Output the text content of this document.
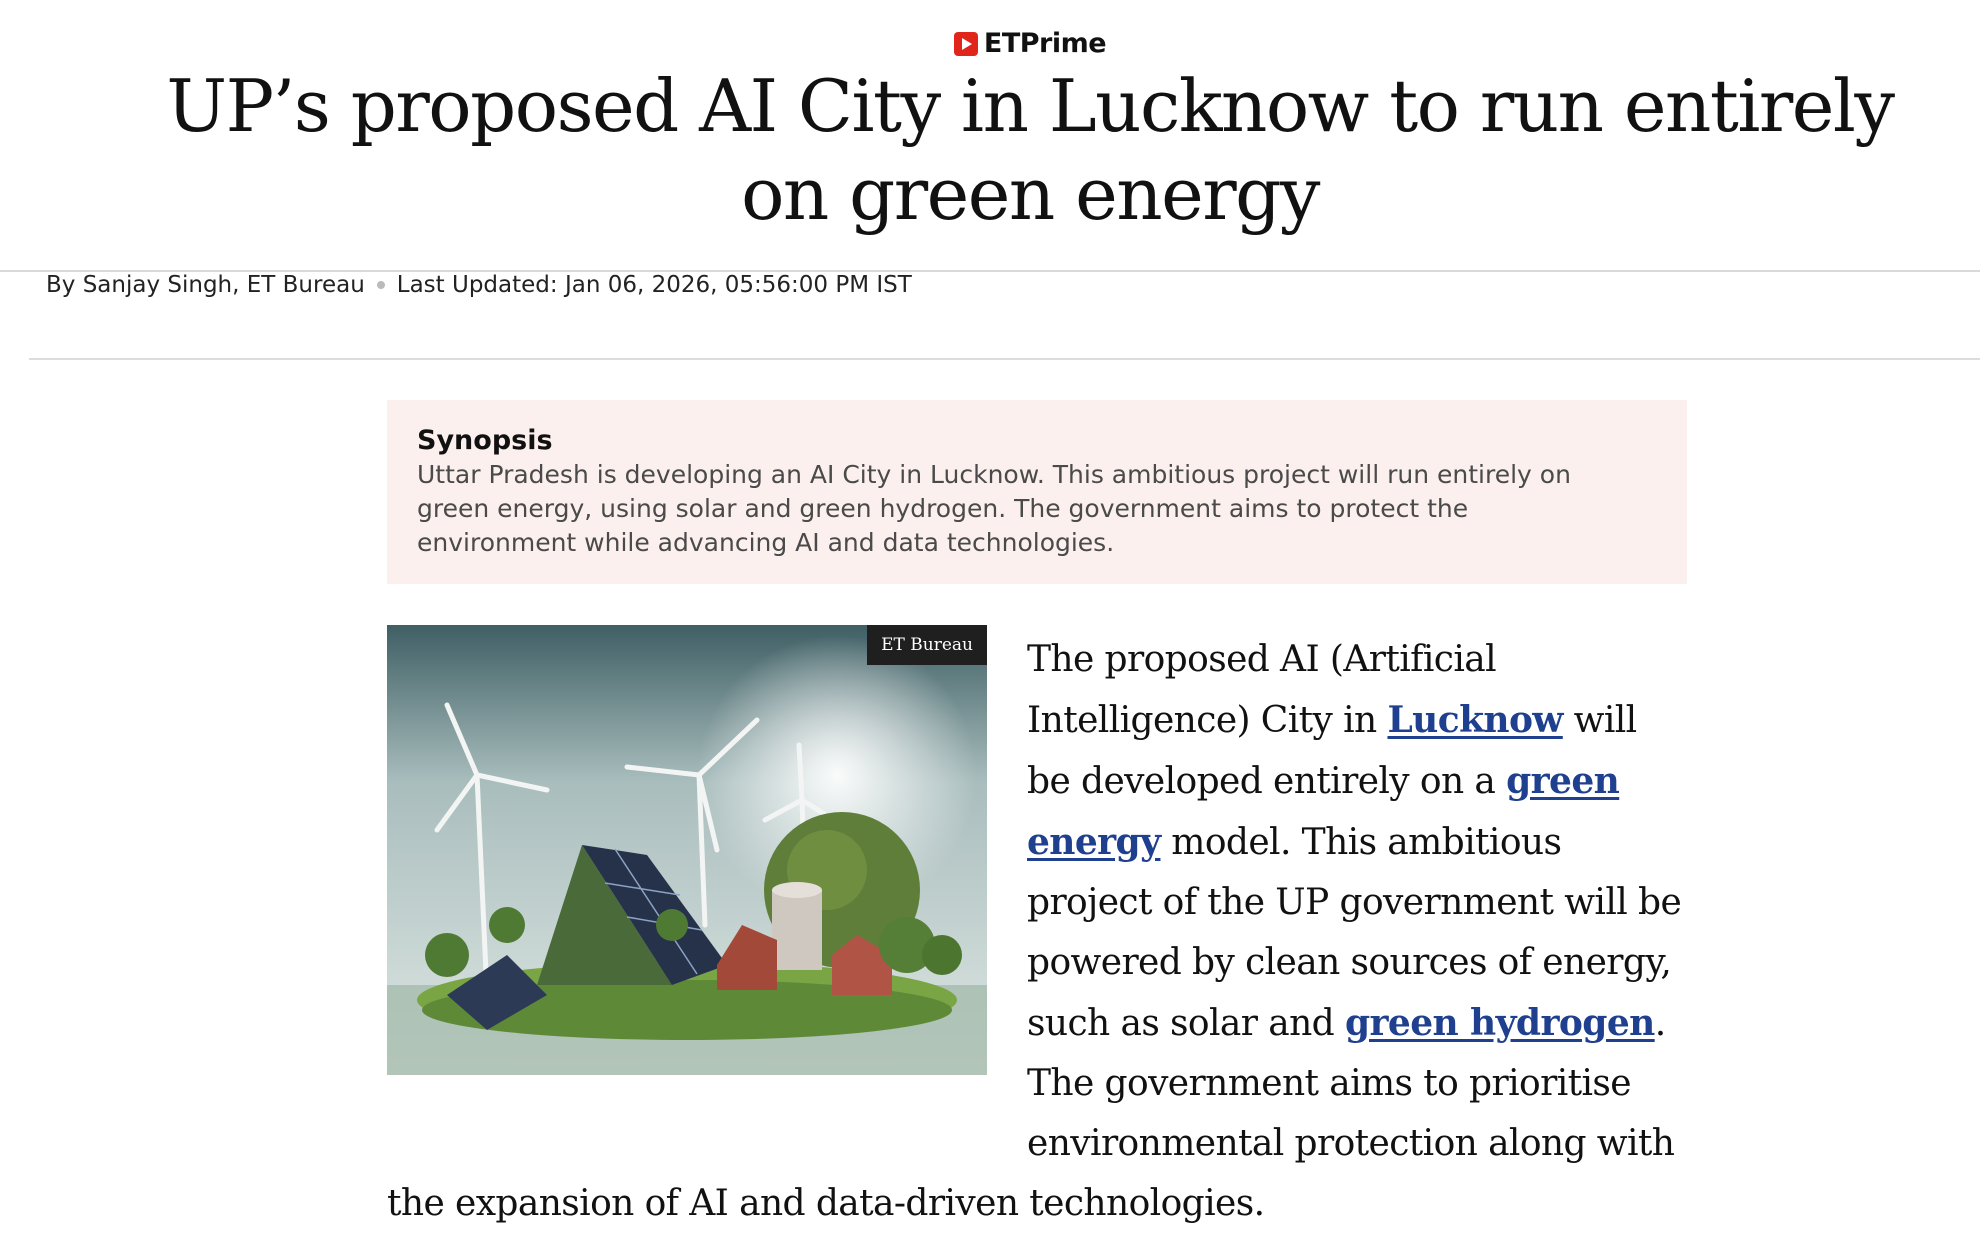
ETPrime
UP’s proposed AI City in Lucknow to run entirely on green energy
By Sanjay Singh, ET Bureau Last Updated: Jan 06, 2026, 05:56:00 PM IST

Synopsis

Uttar Pradesh is developing an AI City in Lucknow. This ambitious project will run entirely on green energy, using solar and green hydrogen. The government aims to protect the environment while advancing AI and data technologies.

ET Bureau	The proposed AI (Artificial Intelligence) City in Lucknow will be developed entirely on a green energy model. This ambitious project of the UP government will be powered by clean sources of energy, such as solar and green hydrogen. The government aims to prioritise environmental protection along with the expansion of AI and data-driven technologies.
